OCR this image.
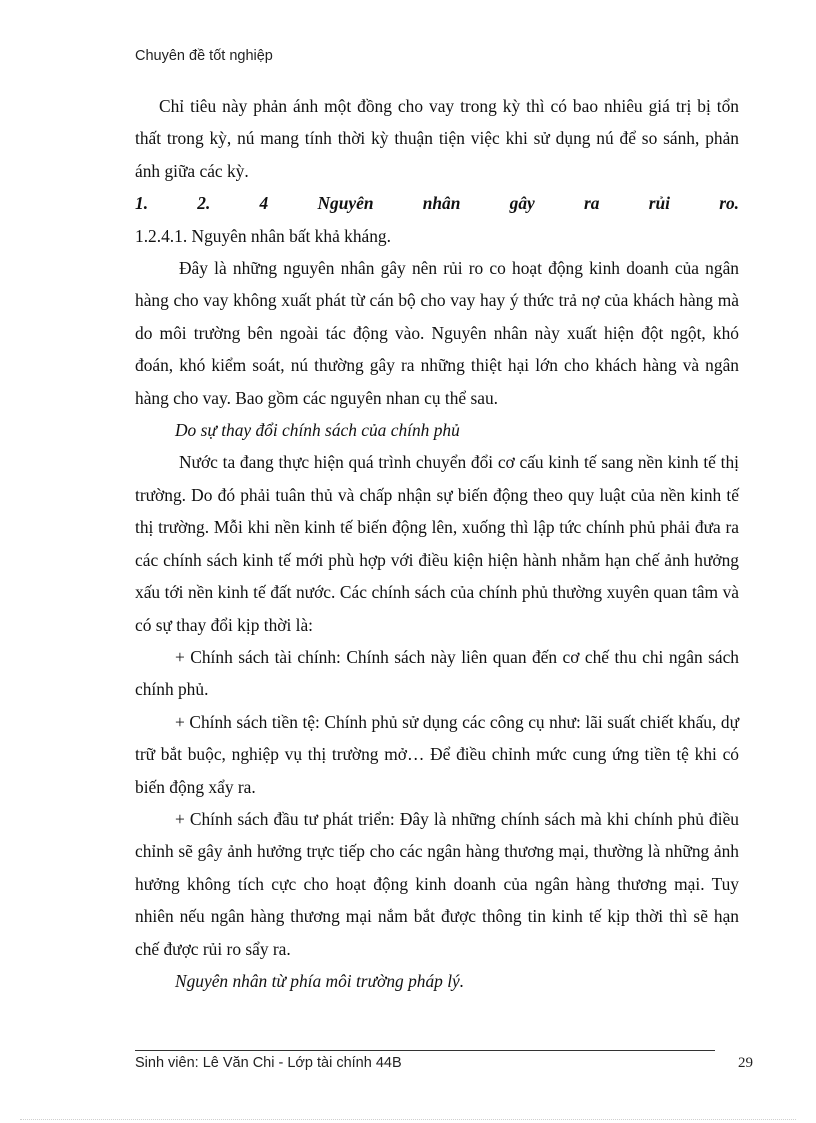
Chuyên đề tốt nghiệp

Chỉ tiêu này phản ánh một đồng cho vay trong kỳ thì có bao nhiêu giá trị bị tổn thất trong kỳ, nú mang tính thời kỳ thuận tiện việc khi sử dụng nú để so sánh, phản ánh giữa các kỳ.

1.	2.	4	Nguyên	nhân	gây	ra	rủi	ro.

1.2.4.1. Nguyên nhân bất khả kháng.

Đây là những nguyên nhân gây nên rủi ro co hoạt động kinh doanh của ngân hàng cho vay không xuất phát từ cán bộ cho vay hay ý thức trả nợ của khách hàng mà do môi trường bên ngoài tác động vào. Nguyên nhân này xuất hiện đột ngột, khó đoán, khó kiểm soát, nú thường gây ra những thiệt hại lớn cho khách hàng và ngân hàng cho vay. Bao gồm các nguyên nhan cụ thể sau.

Do sự thay đổi chính sách của chính phủ

Nước ta đang thực hiện quá trình chuyển đổi cơ cấu kinh tế sang nền kinh tế thị trường. Do đó phải tuân thủ và chấp nhận sự biến động theo quy luật của nền kinh tế thị trường. Mỗi khi nền kinh tế biến động lên, xuống thì lập tức chính phủ phải đưa ra các chính sách kinh tế mới phù hợp với điều kiện hiện hành nhằm hạn chế ảnh hưởng xấu tới nền kinh tế đất nước. Các chính sách của chính phủ thường xuyên quan tâm và có sự thay đổi kịp thời là:

+ Chính sách tài chính: Chính sách này liên quan đến cơ chế thu chi ngân sách chính phủ.

+ Chính sách tiền tệ: Chính phủ sử dụng các công cụ như: lãi suất chiết khấu, dự trữ bắt buộc, nghiệp vụ thị trường mở… Để điều chỉnh mức cung ứng tiền tệ khi có biến động xẩy ra.

+ Chính sách đầu tư phát triển: Đây là những chính sách mà khi chính phủ điều chỉnh sẽ gây ảnh hưởng trực tiếp cho các ngân hàng thương mại, thường là những ảnh hưởng không tích cực cho hoạt động kinh doanh của ngân hàng thương mại. Tuy nhiên nếu ngân hàng thương mại nắm bắt được thông tin kinh tế kịp thời thì sẽ hạn chế được rủi ro sẩy ra.

Nguyên nhân từ phía môi trường pháp lý.

Sinh viên: Lê Văn Chi - Lớp tài chính 44B	29
